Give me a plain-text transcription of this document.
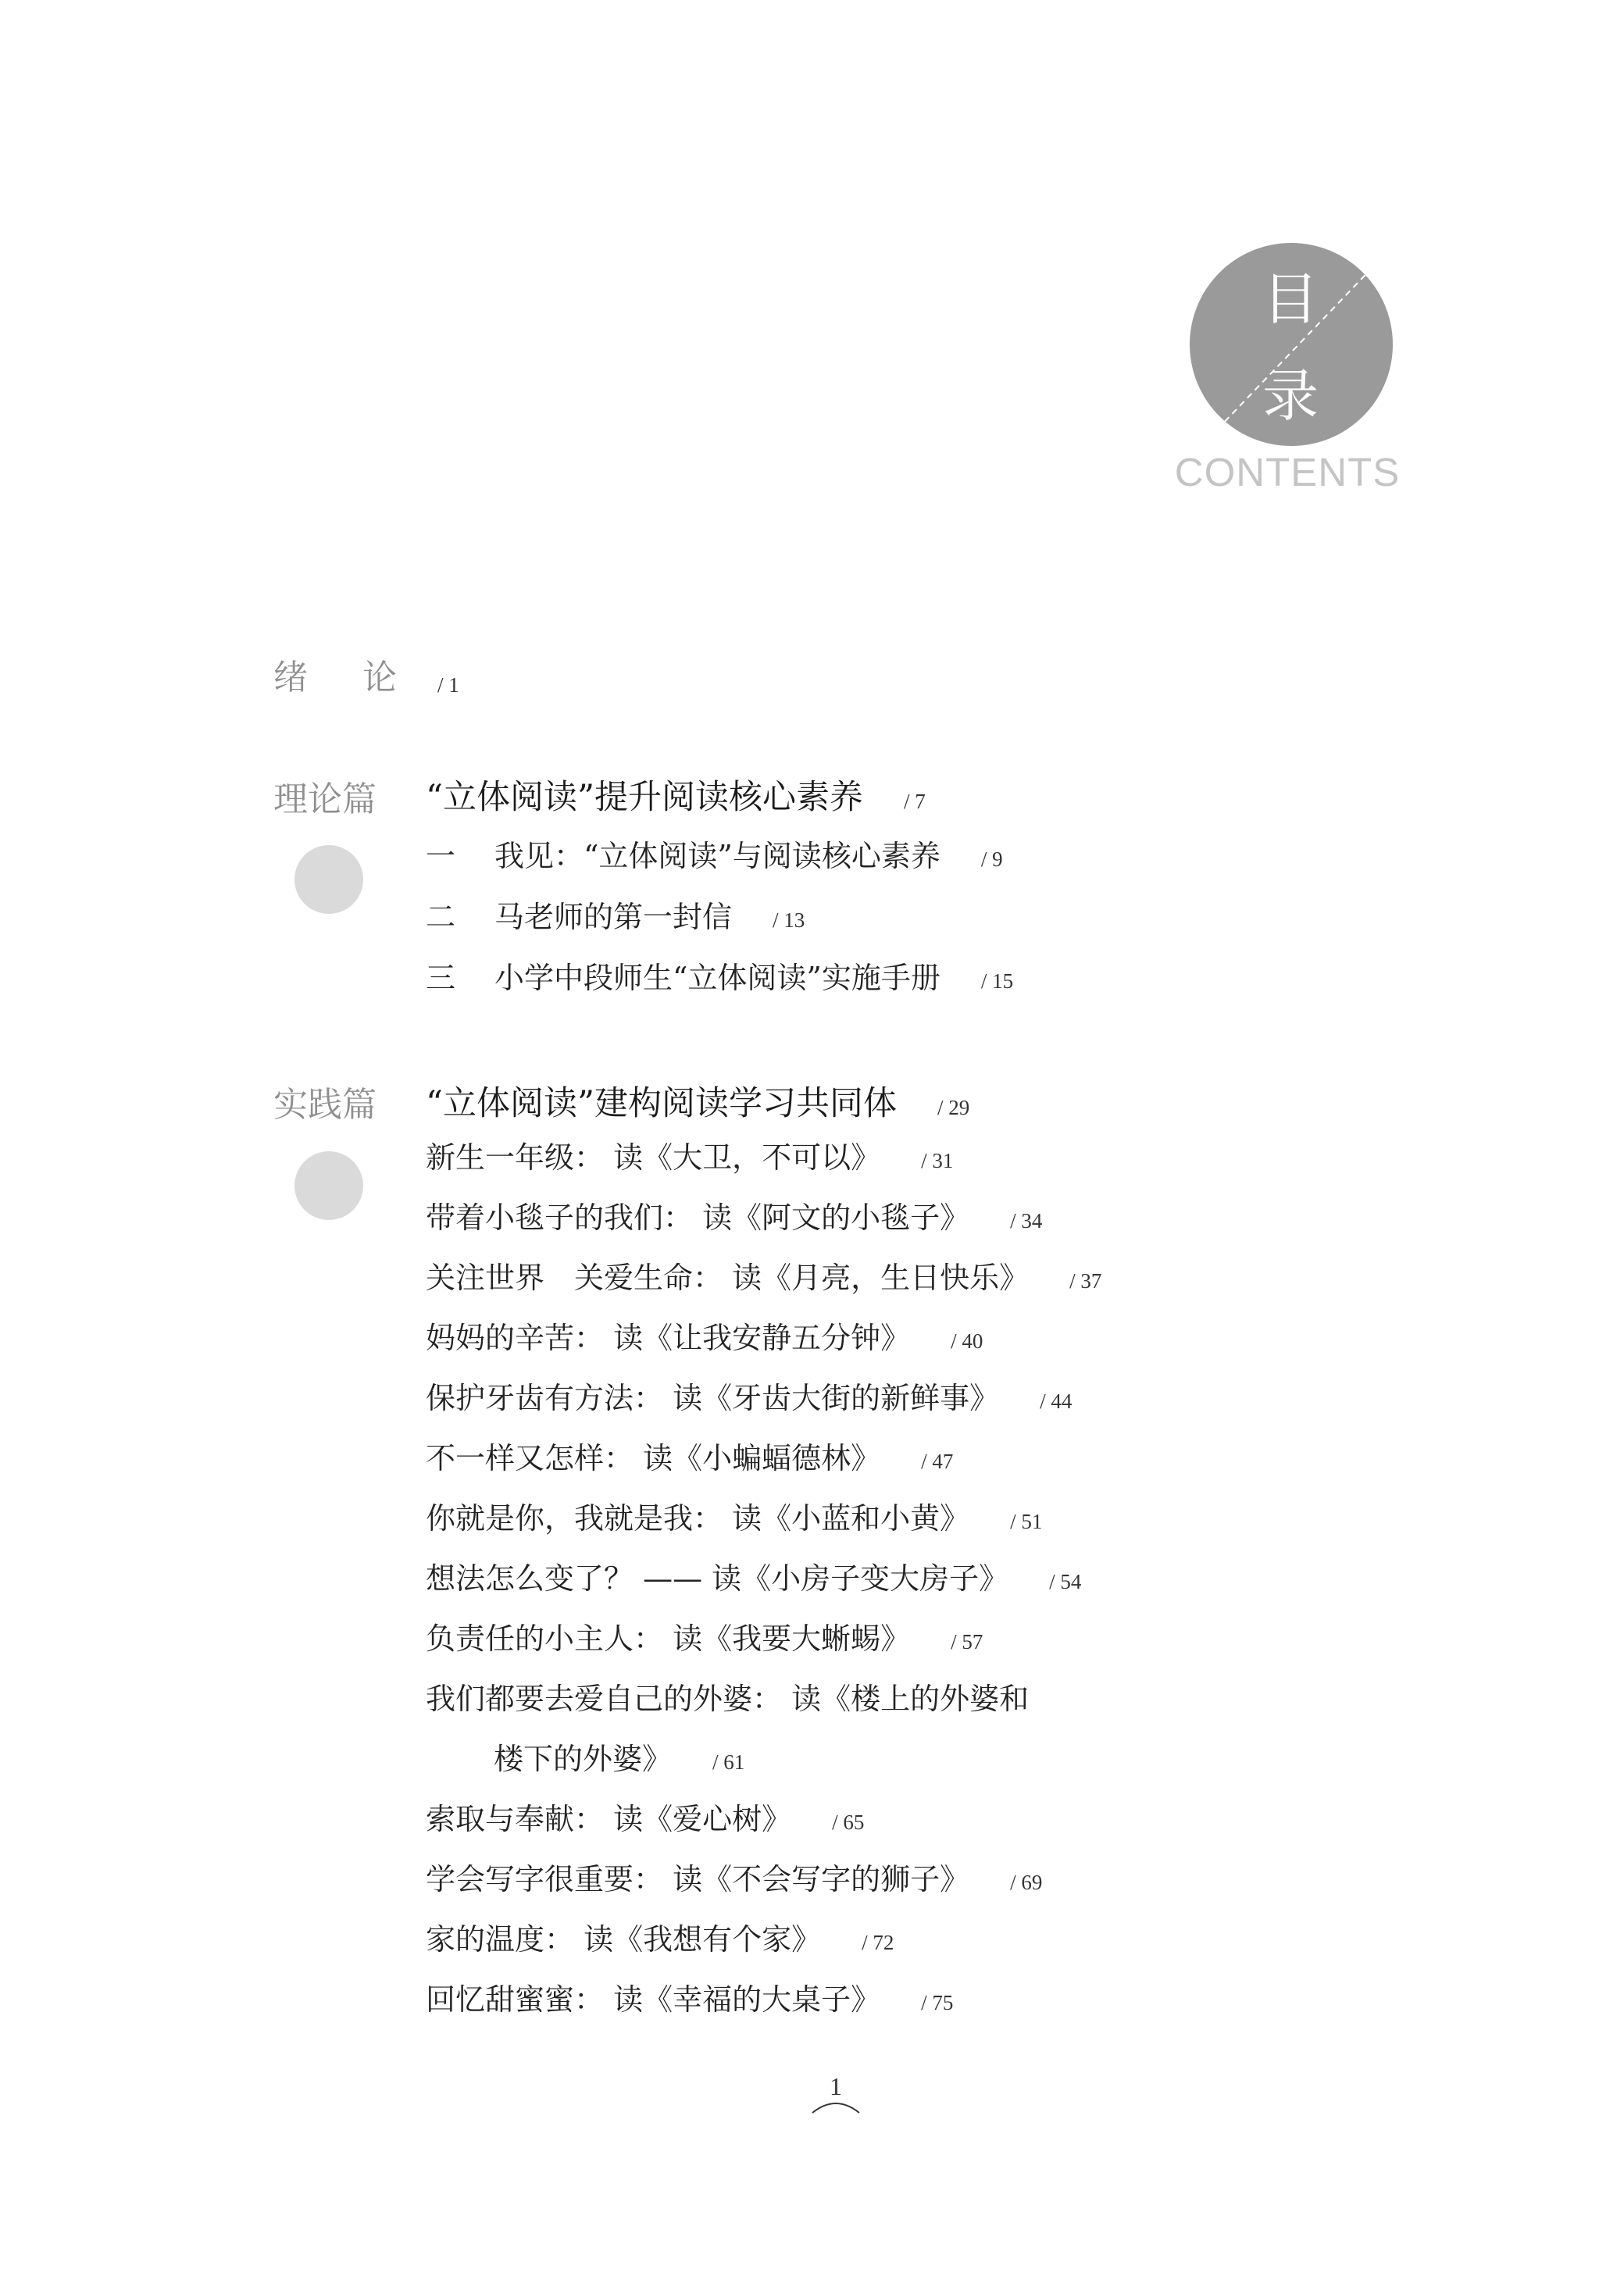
目
录
CONTENTS
绪 论 / 1
理论篇 “立体阅读”提升阅读核心素养 / 7
一 我见：“立体阅读”与阅读核心素养 / 9
二 马老师的第一封信 / 13
三 小学中段师生“立体阅读”实施手册 / 15
实践篇 “立体阅读”建构阅读学习共同体 / 29
新生一年级： 读《大卫，不可以》 / 31
带着小毯子的我们： 读《阿文的小毯子》 / 34
关注世界　关爱生命： 读《月亮，生日快乐》 / 37
妈妈的辛苦： 读《让我安静五分钟》 / 40
保护牙齿有方法： 读《牙齿大街的新鲜事》 / 44
不一样又怎样： 读《小蝙蝠德林》 / 47
你就是你，我就是我： 读《小蓝和小黄》 / 51
想法怎么变了？ —— 读《小房子变大房子》 / 54
负责任的小主人： 读《我要大蜥蜴》 / 57
我们都要去爱自己的外婆： 读《楼上的外婆和
楼下的外婆》 / 61
索取与奉献： 读《爱心树》 / 65
学会写字很重要： 读《不会写字的狮子》 / 69
家的温度： 读《我想有个家》 / 72
回忆甜蜜蜜： 读《幸福的大桌子》 / 75
1
